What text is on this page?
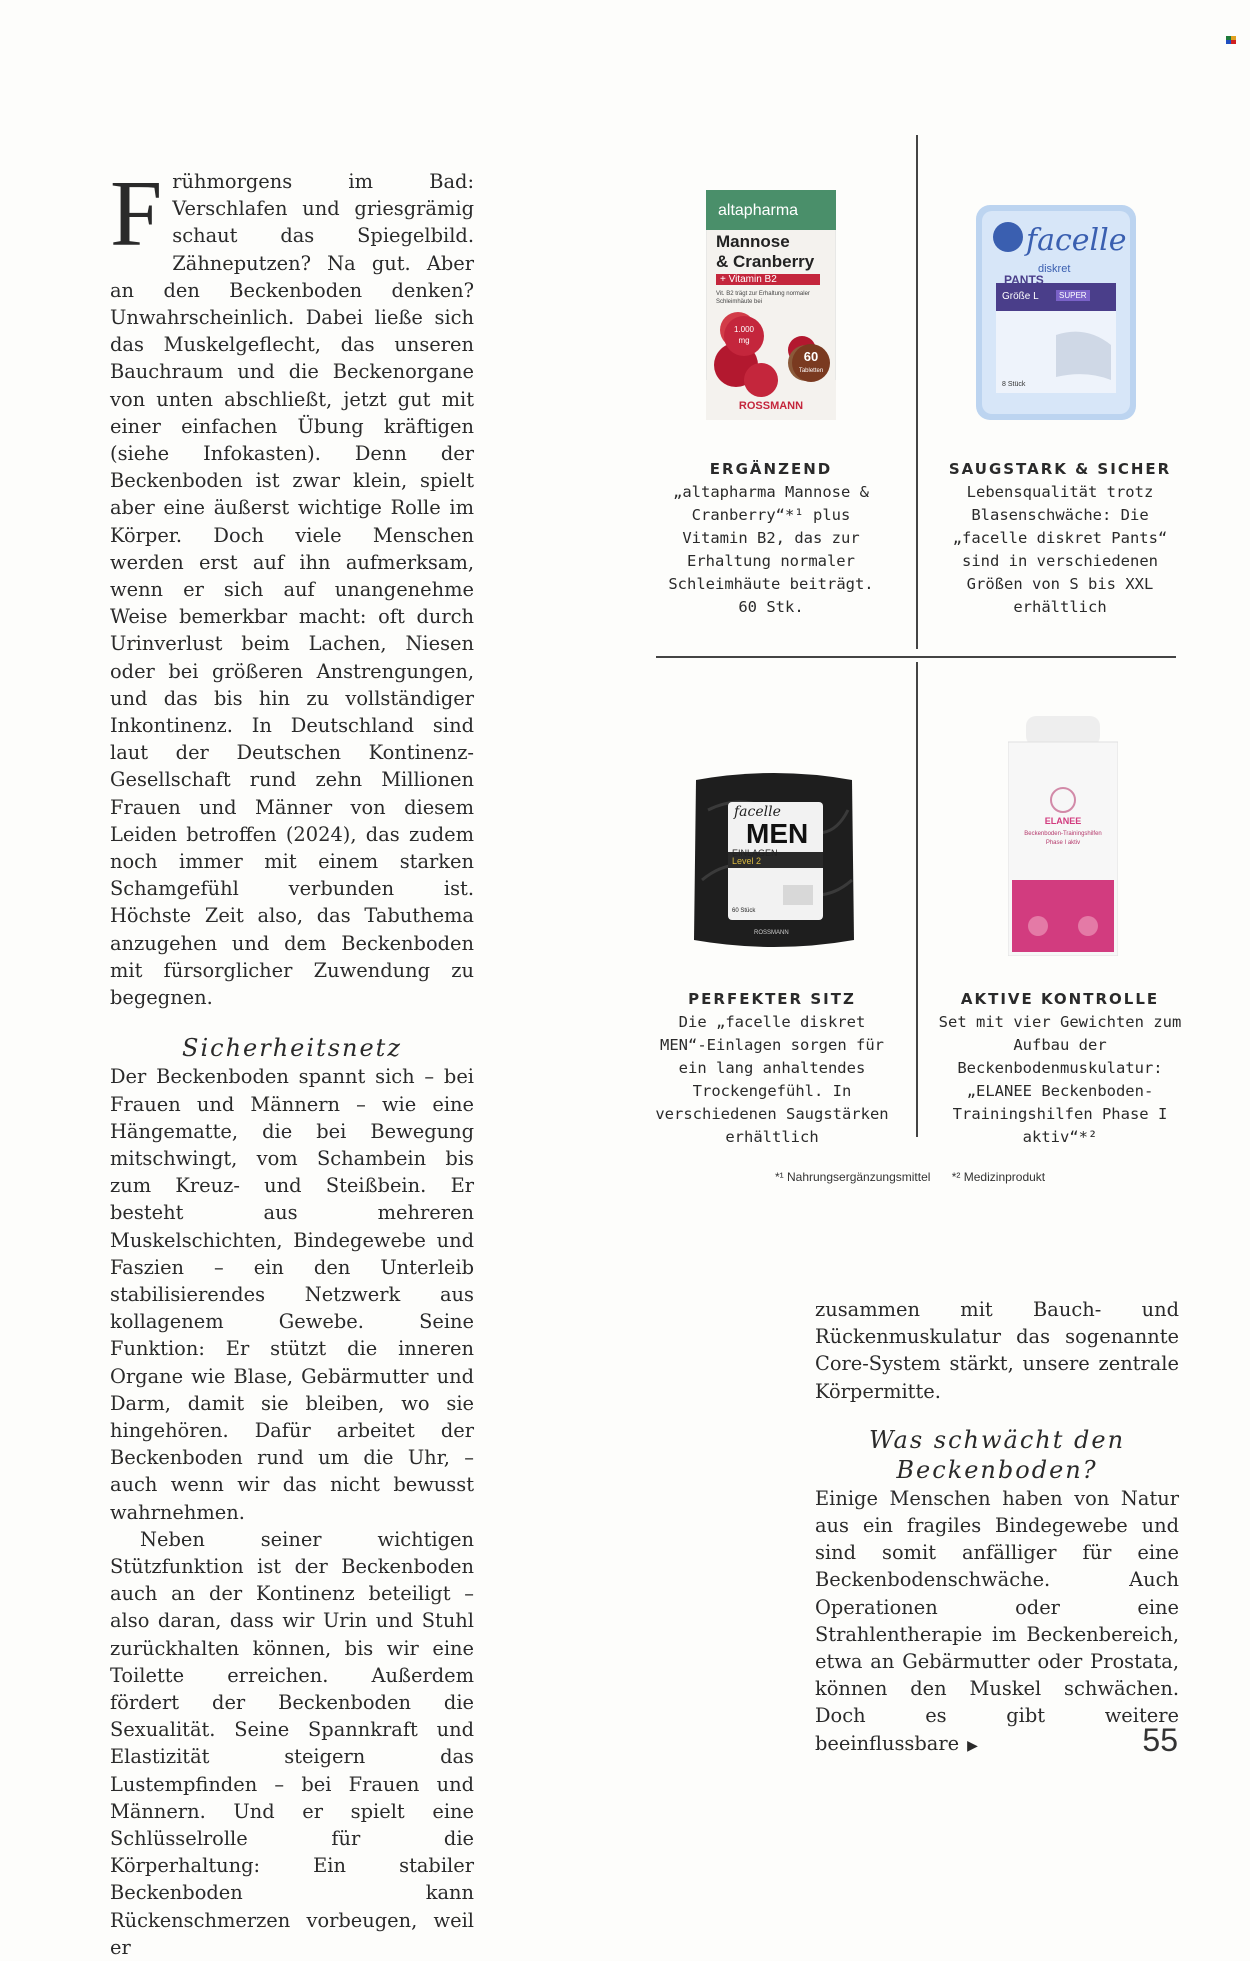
Frühmorgens im Bad: Verschlafen und griesgrämig schaut das Spiegelbild. Zähneputzen? Na gut. Aber an den Beckenboden denken? Unwahrscheinlich. Dabei ließe sich das Muskelgeflecht, das unseren Bauchraum und die Beckenorgane von unten abschließt, jetzt gut mit einer einfachen Übung kräftigen (siehe Infokasten). Denn der Beckenboden ist zwar klein, spielt aber eine äußerst wichtige Rolle im Körper. Doch viele Menschen werden erst auf ihn aufmerksam, wenn er sich auf unangenehme Weise bemerkbar macht: oft durch Urinverlust beim Lachen, Niesen oder bei größeren Anstrengungen, und das bis hin zu vollständiger Inkontinenz. In Deutschland sind laut der Deutschen Kontinenz-Gesellschaft rund zehn Millionen Frauen und Männer von diesem Leiden betroffen (2024), das zudem noch immer mit einem starken Schamgefühl verbunden ist. Höchste Zeit also, das Tabuthema anzugehen und dem Beckenboden mit fürsorglicher Zuwendung zu begegnen.

Sicherheitsnetz

Der Beckenboden spannt sich – bei Frauen und Männern – wie eine Hängematte, die bei Bewegung mitschwingt, vom Schambein bis zum Kreuz- und Steißbein. Er besteht aus mehreren Muskelschichten, Bindegewebe und Faszien – ein den Unterleib stabilisierendes Netzwerk aus kollagenem Gewebe. Seine Funktion: Er stützt die inneren Organe wie Blase, Gebärmutter und Darm, damit sie bleiben, wo sie hingehören. Dafür arbeitet der Beckenboden rund um die Uhr, – auch wenn wir das nicht bewusst wahrnehmen.

Neben seiner wichtigen Stützfunktion ist der Beckenboden auch an der Kontinenz beteiligt – also daran, dass wir Urin und Stuhl zurückhalten können, bis wir eine Toilette erreichen. Außerdem fördert der Beckenboden die Sexualität. Seine Spannkraft und Elastizität steigern das Lustempfinden – bei Frauen und Männern. Und er spielt eine Schlüsselrolle für die Körperhaltung: Ein stabiler Beckenboden kann Rückenschmerzen vorbeugen, weil er

zusammen mit Bauch- und Rückenmuskulatur das sogenannte Core-System stärkt, unsere zentrale Körpermitte.

Was schwächt den Beckenboden?

Einige Menschen haben von Natur aus ein fragiles Bindegewebe und sind somit anfälliger für eine Beckenbodenschwäche. Auch Operationen oder eine Strahlentherapie im Beckenbereich, etwa an Gebärmutter oder Prostata, können den Muskel schwächen. Doch es gibt weitere beeinflussbare ▶

altapharma
Mannose
& Cranberry
+ Vitamin B2
Vit. B2 trägt zur Erhaltung normaler Schleimhäute bei
1.000
mg
60
Tabletten
ROSSMANN
ERGÄNZEND
„altapharma Mannose & Cranberry“*¹ plus Vitamin B2, das zur Erhaltung normaler Schleimhäute beiträgt. 60 Stk.
facelle
diskret
PANTS
Größe L	SUPER
8 Stück
SAUGSTARK & SICHER
Lebensqualität trotz Blasenschwäche: Die „facelle diskret Pants“ sind in verschiedenen Größen von S bis XXL erhältlich
facelle
MEN
EINLAGEN
Level 2
60 Stück
ROSSMANN
PERFEKTER SITZ
Die „facelle diskret MEN“-Einlagen sorgen für ein lang anhaltendes Trockengefühl. In verschiedenen Saugstärken erhältlich
ELANEE
Beckenboden-Trainingshilfen Phase I aktiv
AKTIVE KONTROLLE
Set mit vier Gewichten zum Aufbau der Beckenbodenmuskulatur: „ELANEE Beckenboden-Trainingshilfen Phase I aktiv“*²
*¹ Nahrungsergänzungsmittel *² Medizinprodukt
55
